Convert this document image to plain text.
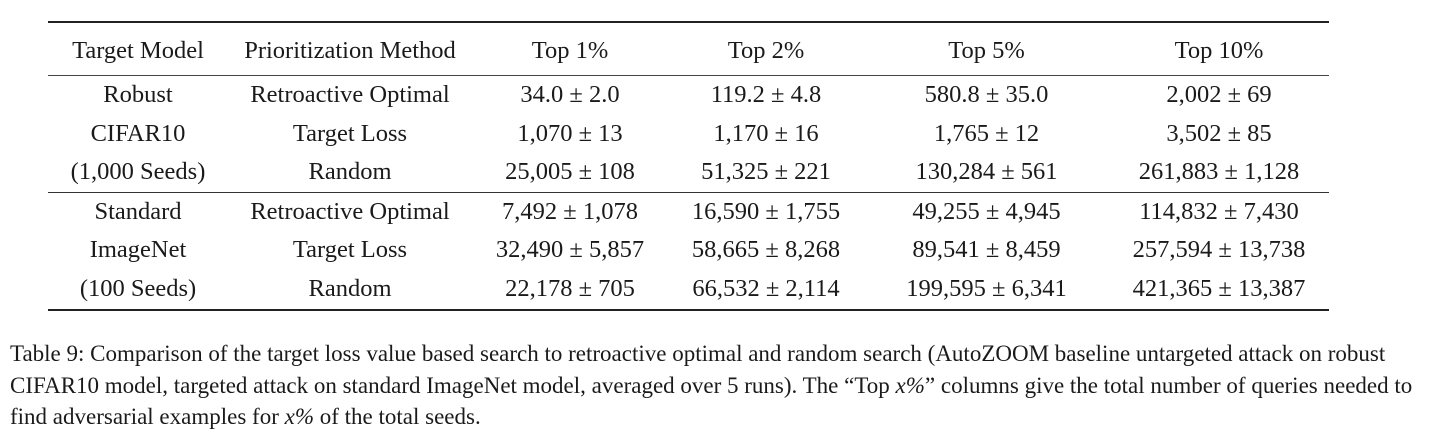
Target Model	Prioritization Method	Top 1%	Top 2%	Top 5%	Top 10%
Robust	Retroactive Optimal	34.0 ± 2.0	119.2 ± 4.8	580.8 ± 35.0	2,002 ± 69
CIFAR10	Target Loss	1,070 ± 13	1,170 ± 16	1,765 ± 12	3,502 ± 85
(1,000 Seeds)	Random	25,005 ± 108	51,325 ± 221	130,284 ± 561	261,883 ± 1,128
Standard	Retroactive Optimal	7,492 ± 1,078	16,590 ± 1,755	49,255 ± 4,945	114,832 ± 7,430
ImageNet	Target Loss	32,490 ± 5,857	58,665 ± 8,268	89,541 ± 8,459	257,594 ± 13,738
(100 Seeds)	Random	22,178 ± 705	66,532 ± 2,114	199,595 ± 6,341	421,365 ± 13,387

Table 9: Comparison of the target loss value based search to retroactive optimal and random search (AutoZOOM baseline untargeted attack on robust CIFAR10 model, targeted attack on standard ImageNet model, averaged over 5 runs). The “Top x%” columns give the total number of queries needed to find adversarial examples for x% of the total seeds.
